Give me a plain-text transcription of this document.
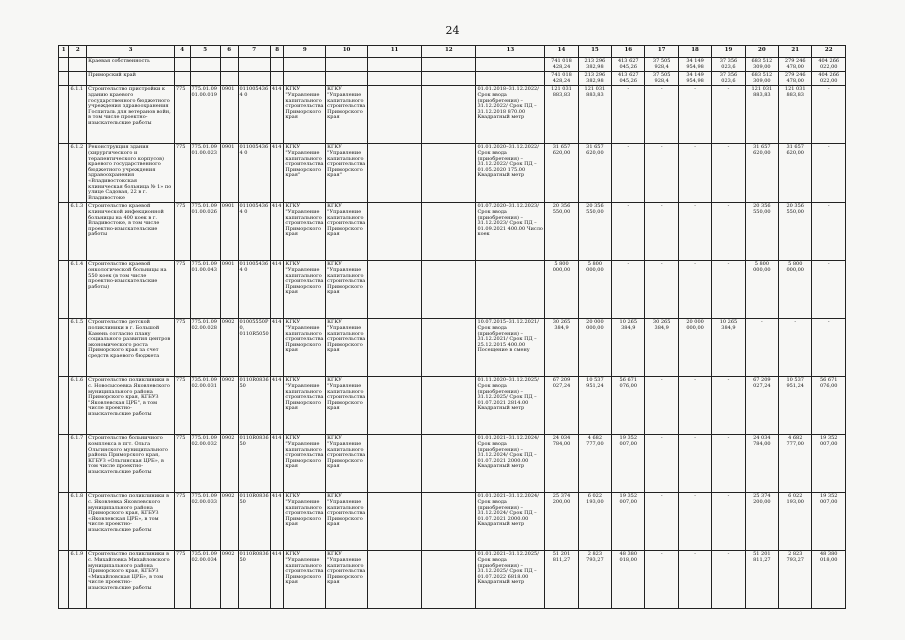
24
1	2	3	4	5	6	7	8	9	10	11	12	13	14	15	16	17	18	19	20	21	22
		Краевая собственность											741 018 428,24	213 296 382,98	413 627 045,26	37 505 928,4	34 149 954,98	37 356 023,6	683 512 309,00	279 246 478,00	404 266 022,00
		Приморский край											741 018 428,24	213 296 382,98	413 627 045,26	37 505 928,4	34 149 954,98	37 356 023,6	683 512 309,00	279 246 478,00	404 266 022,00
	6.1.1	Строительство пристройки к зданию краевого государственного бюджетного учреждения здравоохранения Госпиталь для ветеранов войн, в том числе проектно-изыскательские работы	775	775.01.0901.00.019	0901	0110054364 0	414	КГКУ "Управление капитального строительства Приморского края	КГКУ "Управление капитального строительства Приморского края			01.01.2018–31.12.2022/ Срок ввода (приобретения) – 31.12.2022/ Срок ПД – 31.12.2018 870.00 Квадратный метр	121 031 883,83	121 031 883,83	-	-	-	-	121 031 883,83	121 031 883,83	-
	6.1.2	Реконструкция здания (хирургического и терапевтического корпусов) краевого государственного бюджетного учреждения здравоохранения «Владивостокская клиническая больница № 1» по улице Садовая, 22 в г. Владивостоке	775	775.01.0901.00.023	0901	0110054364 0	414	КГКУ "Управление капитального строительства Приморского края"	КГКУ "Управление капитального строительства Приморского края"			01.01.2020–31.12.2022/ Срок ввода (приобретения) – 31.12.2022/ Срок ПД – 01.05.2020 175.00 Квадратный метр	31 657 620,00	31 657 620,00	-	-	-	-	31 657 620,00	31 657 620,00	-
	6.1.3	Строительство краевой клинической инфекционной больницы на 400 коек в г. Владивостоке, в том числе проектно-изыскательские работы	775	775.01.0901.00.026	0901	0110054364 0	414	КГКУ "Управление капитального строительства Приморского края	КГКУ "Управление капитального строительства Приморского края			01.07.2020–31.12.2023/ Срок ввода (приобретения) – 31.12.2023/ Срок ПД – 01.09.2021 400.00 Число коек	20 356 550,00	20 356 550,00	-	-	-	-	20 356 550,00	20 356 550,00	-
	6.1.4	Строительство краевой онкологической больницы на 550 коек (в том числе проектно-изыскательские работы)	775	775.01.0901.00.043	0901	0110054364 0	414	КГКУ "Управление капитального строительства Приморского края	КГКУ "Управление капитального строительства Приморского края				5 800 000,00	5 800 000,00	-	-	-	-	5 800 000,00	5 800 000,00	-
	6.1.5	Строительство детской поликлиники в г. Большой Камень согласно плану социального развития центров экономического роста Приморского края за счет средств краевого бюджета	775	775.01.0902.00.028	0902	01005550P0, 0110R5050	414	КГКУ "Управление капитального строительства Приморского края	КГКУ "Управление капитального строительства Приморского края			10.07.2015–31.12.2021/ Срок ввода (приобретения) – 31.12.2021/ Срок ПД – 25.12.2015 400.00 Посещение в смену	30 265 384,9	20 000 000,00	10 265 384,9	30 265 384,9	20 000 000,00	10 265 384,9	-	-	-
	6.1.6	Строительство поликлиники в с. Новосысоевка Яковлевского муниципального района Приморского края, КГБУЗ "Яковлевская ЦРБ", в том числе проектно-изыскательские работы	775	735.01.0902.00.031	0902	0110R0836 50	414	КГКУ "Управление капитального строительства Приморского края	КГКУ "Управление капитального строительства Приморского края			01.11.2020–31.12.2025/ Срок ввода (приобретения) – 31.12.2025/ Срок ПД – 01.07.2021 2814.00 Квадратный метр	67 209 027,24	10 537 951,24	56 671 076,00	-	-	-	67 209 027,24	10 537 951,24	56 671 076,00
	6.1.7	Строительство больничного комплекса в пгт. Ольга Ольгинского муниципального района Приморского края, КГБУЗ «Ольгинская ЦРБ», в том числе проектно-изыскательские работы	775	775.01.0902.00.032	0902	0110R0836 50	414	КГКУ "Управление капитального строительства Приморского края	КГКУ "Управление капитального строительства Приморского края			01.01.2021–31.12.2024/ Срок ввода (приобретения) – 31.12.2024/ Срок ПД – 01.07.2021 2000.00 Квадратный метр	24 034 784,00	4 682 777,00	19 352 007,00	-	-	-	24 034 784,00	4 682 777,00	19 352 007,00
	6.1.8	Строительство поликлиники в с. Яковлевка Яковлевского муниципального района Приморского края, КГБУЗ «Яковлевская ЦРБ», в том числе проектно-изыскательские работы	775	775.01.0902.00.033	0902	0110R0836 50	414	КГКУ "Управление капитального строительства Приморского края	КГКУ "Управление капитального строительства Приморского края			01.01.2021–31.12.2024/ Срок ввода (приобретения) – 31.12.2024/ Срок ПД – 01.07.2021 2000.00 Квадратный метр	25 374 200,00	6 022 193,00	19 352 007,00	-	-	-	25 374 200,00	6 022 193,00	19 352 007,00
	6.1.9	Строительство поликлиники в с. Михайловка Михайловского муниципального района Приморского края, КГБУЗ «Михайловская ЦРБ», в том числе проектно-изыскательские работы	775	735.01.0902.00.034	0902	0110R0836 50	414	КГКУ "Управление капитального строительства Приморского края	КГКУ "Управление капитального строительства Приморского края			01.01.2021–31.12.2025/ Срок ввода (приобретения) – 31.12.2025/ Срок ПД – 01.07.2022 6818.00 Квадратный метр	51 201 811,27	2 823 793,27	48 380 018,00	-	-	-	51 201 811,27	2 823 793,27	48 380 018,00
